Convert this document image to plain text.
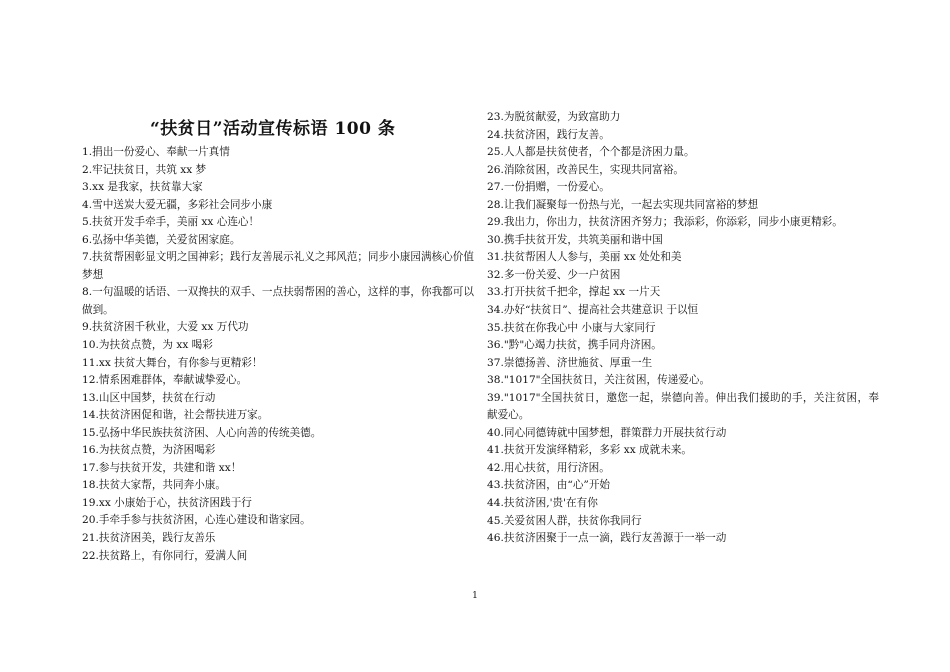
“扶贫日”活动宣传标语 100 条

1.捐出一份爱心、奉献一片真情

2.牢记扶贫日，共筑 xx 梦

3.xx 是我家，扶贫靠大家

4.雪中送炭大爱无疆，多彩社会同步小康

5.扶贫开发手牵手，美丽 xx 心连心！

6.弘扬中华美德，关爱贫困家庭。

7.扶贫帮困彰显文明之国神彩；践行友善展示礼义之邦风范；同步小康园满核心价值梦想

8.一句温暖的话语、一双搀扶的双手、一点扶弱帮困的善心，这样的事，你我都可以做到。

9.扶贫济困千秋业，大爱 xx 万代功

10.为扶贫点赞，为 xx 喝彩

11.xx 扶贫大舞台，有你参与更精彩！

12.情系困难群体，奉献诚挚爱心。

13.山区中国梦，扶贫在行动

14.扶贫济困促和谐，社会帮扶进万家。

15.弘扬中华民族扶贫济困、人心向善的传统美德。

16.为扶贫点赞，为济困喝彩

17.参与扶贫开发，共建和谐 xx！

18.扶贫大家帮，共同奔小康。

19.xx 小康始于心，扶贫济困践于行

20.手牵手参与扶贫济困，心连心建设和谐家园。

21.扶贫济困美，践行友善乐

22.扶贫路上，有你同行，爱满人间

23.为脱贫献爱，为致富助力

24.扶贫济困，践行友善。

25.人人都是扶贫使者，个个都是济困力量。

26.消除贫困，改善民生，实现共同富裕。

27.一份捐赠，一份爱心。

28.让我们凝聚每一份热与光，一起去实现共同富裕的梦想

29.我出力，你出力，扶贫济困齐努力；我添彩，你添彩，同步小康更精彩。

30.携手扶贫开发，共筑美丽和谐中国

31.扶贫帮困人人参与，美丽 xx 处处和美

32.多一份关爱、少一户贫困

33.打开扶贫千把伞，撑起 xx 一片天

34.办好“扶贫日”、提高社会共建意识 于以恒

35.扶贫在你我心中 小康与大家同行

36."黔"心竭力扶贫，携手同舟济困。

37.崇德扬善、济世施贫、厚重一生

38."1017"全国扶贫日，关注贫困，传递爱心。

39."1017"全国扶贫日，邀您一起，崇德向善。伸出我们援助的手，关注贫困，奉献爱心。

40.同心同德铸就中国梦想，群策群力开展扶贫行动

41.扶贫开发演绎精彩，多彩 xx 成就未来。

42.用心扶贫，用行济困。

43.扶贫济困，由“心”开始

44.扶贫济困,'贵'在有你

45.关爱贫困人群，扶贫你我同行

46.扶贫济困聚于一点一滴，践行友善源于一举一动

1
